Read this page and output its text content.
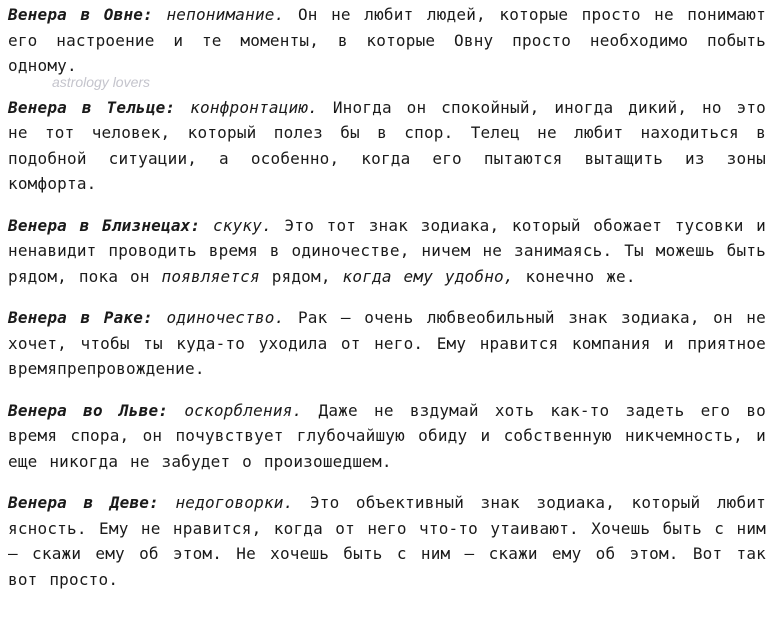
astrology lovers

Венера в Овне: непонимание. Он не любит людей, которые просто не понимают его настроение и те моменты, в которые Овну просто необходимо побыть одному.

Венера в Тельце: конфронтацию. Иногда он спокойный, иногда дикий, но это не тот человек, который полез бы в спор. Телец не любит находиться в подобной ситуации, а особенно, когда его пытаются вытащить из зоны комфорта.

Венера в Близнецах: скуку. Это тот знак зодиака, который обожает тусовки и ненавидит проводить время в одиночестве, ничем не занимаясь. Ты можешь быть рядом, пока он появляется рядом, когда ему удобно, конечно же.

Венера в Раке: одиночество. Рак — очень любвеобильный знак зодиака, он не хочет, чтобы ты куда-то уходила от него. Ему нравится компания и приятное времяпрепровождение.

Венера во Льве: оскорбления. Даже не вздумай хоть как-то задеть его во время спора, он почувствует глубочайшую обиду и собственную никчемность, и еще никогда не забудет о произошедшем.

Венера в Деве: недоговорки. Это объективный знак зодиака, который любит ясность. Ему не нравится, когда от него что-то утаивают. Хочешь быть с ним — скажи ему об этом. Не хочешь быть с ним — скажи ему об этом. Вот так вот просто.
